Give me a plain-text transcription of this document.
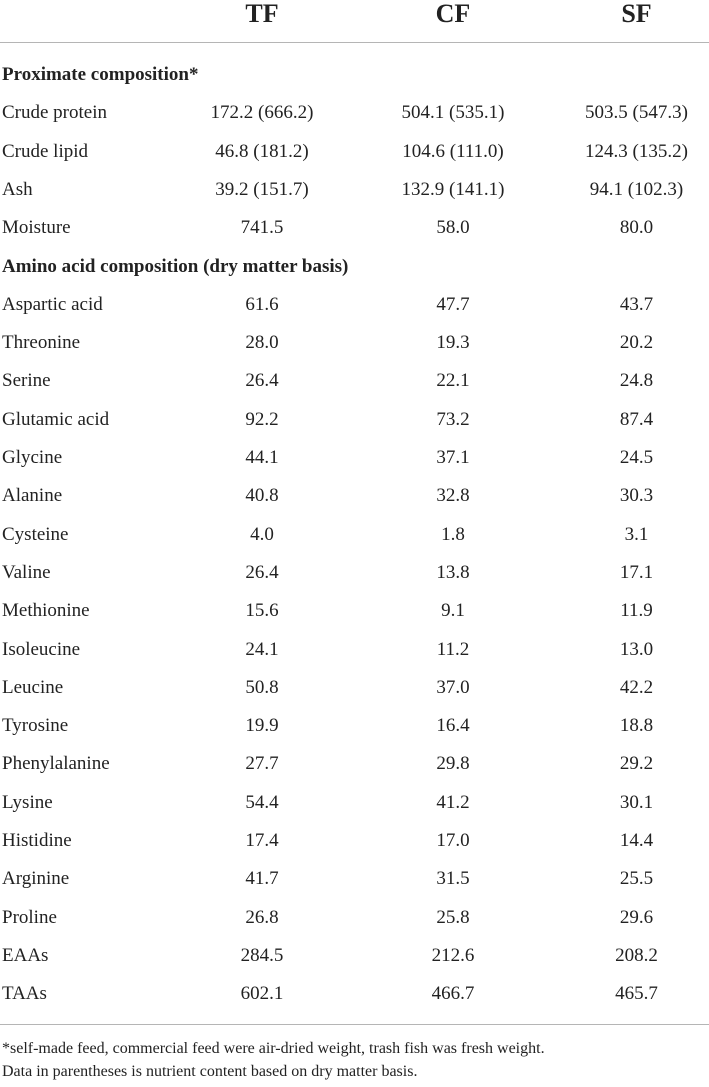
TF	CF	SF
Proximate composition*
Crude protein	172.2 (666.2)	504.1 (535.1)	503.5 (547.3)
Crude lipid	46.8 (181.2)	104.6 (111.0)	124.3 (135.2)
Ash	39.2 (151.7)	132.9 (141.1)	94.1 (102.3)
Moisture	741.5	58.0	80.0
Amino acid composition (dry matter basis)
Aspartic acid	61.6	47.7	43.7
Threonine	28.0	19.3	20.2
Serine	26.4	22.1	24.8
Glutamic acid	92.2	73.2	87.4
Glycine	44.1	37.1	24.5
Alanine	40.8	32.8	30.3
Cysteine	4.0	1.8	3.1
Valine	26.4	13.8	17.1
Methionine	15.6	9.1	11.9
Isoleucine	24.1	11.2	13.0
Leucine	50.8	37.0	42.2
Tyrosine	19.9	16.4	18.8
Phenylalanine	27.7	29.8	29.2
Lysine	54.4	41.2	30.1
Histidine	17.4	17.0	14.4
Arginine	41.7	31.5	25.5
Proline	26.8	25.8	29.6
EAAs	284.5	212.6	208.2
TAAs	602.1	466.7	465.7
*self-made feed, commercial feed were air-dried weight, trash fish was fresh weight.
Data in parentheses is nutrient content based on dry matter basis.
